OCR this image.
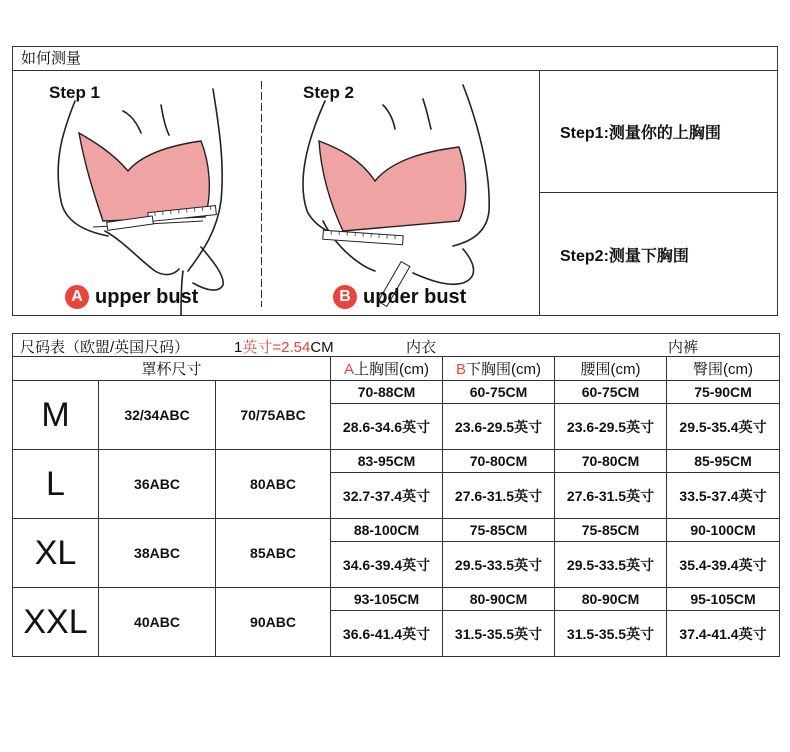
如何测量
Step 1
A upper bust
Step 2
B upder bust
Step1:测量你的上胸围
Step2:测量下胸围
尺码表（欧盟/英国尺码） 1英寸=2.54CM 内衣 内裤						

罩杯尺寸			A上胸围(cm)	B下胸围(cm)	腰围(cm)	臀围(cm)
M	32/34ABC	70/75ABC	70-88CM	60-75CM	60-75CM	75-90CM
			28.6-34.6英寸	23.6-29.5英寸	23.6-29.5英寸	29.5-35.4英寸
L	36ABC	80ABC	83-95CM	70-80CM	70-80CM	85-95CM
			32.7-37.4英寸	27.6-31.5英寸	27.6-31.5英寸	33.5-37.4英寸
XL	38ABC	85ABC	88-100CM	75-85CM	75-85CM	90-100CM
			34.6-39.4英寸	29.5-33.5英寸	29.5-33.5英寸	35.4-39.4英寸
XXL	40ABC	90ABC	93-105CM	80-90CM	80-90CM	95-105CM
			36.6-41.4英寸	31.5-35.5英寸	31.5-35.5英寸	37.4-41.4英寸
